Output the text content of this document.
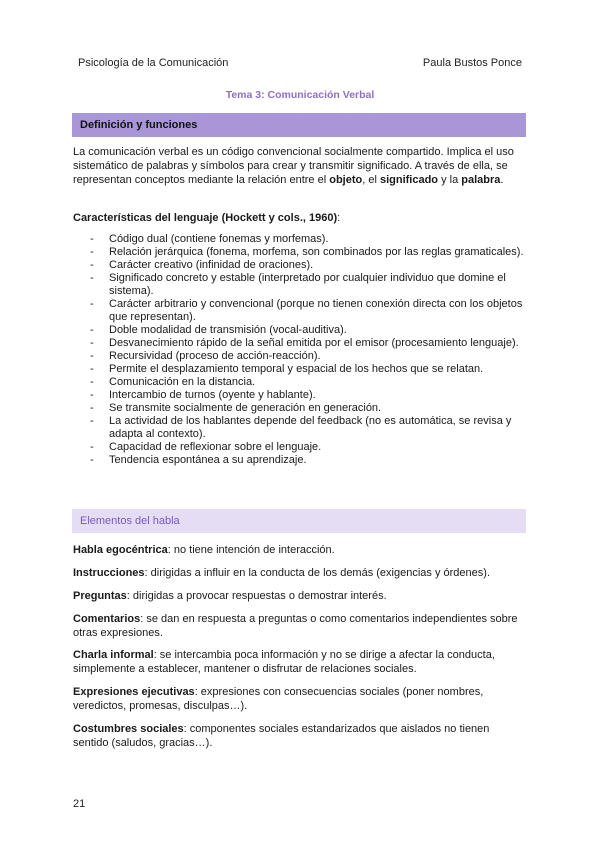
Psicología de la Comunicación	Paula Bustos Ponce
Tema 3: Comunicación Verbal
Definición y funciones

La comunicación verbal es un código convencional socialmente compartido. Implica el uso sistemático de palabras y símbolos para crear y transmitir significado. A través de ella, se representan conceptos mediante la relación entre el objeto, el significado y la palabra.

Características del lenguaje (Hockett y cols., 1960):

- Código dual (contiene fonemas y morfemas).
- Relación jerárquica (fonema, morfema, son combinados por las reglas gramaticales).
- Carácter creativo (infinidad de oraciones).
- Significado concreto y estable (interpretado por cualquier individuo que domine el sistema).
- Carácter arbitrario y convencional (porque no tienen conexión directa con los objetos que representan).
- Doble modalidad de transmisión (vocal-auditiva).
- Desvanecimiento rápido de la señal emitida por el emisor (procesamiento lenguaje).
- Recursividad (proceso de acción-reacción).
- Permite el desplazamiento temporal y espacial de los hechos que se relatan.
- Comunicación en la distancia.
- Intercambio de turnos (oyente y hablante).
- Se transmite socialmente de generación en generación.
- La actividad de los hablantes depende del feedback (no es automática, se revisa y adapta al contexto).
- Capacidad de reflexionar sobre el lenguaje.
- Tendencia espontánea a su aprendizaje.
Elementos del habla

Habla egocéntrica: no tiene intención de interacción.

Instrucciones: dirigidas a influir en la conducta de los demás (exigencias y órdenes).

Preguntas: dirigidas a provocar respuestas o demostrar interés.

Comentarios: se dan en respuesta a preguntas o como comentarios independientes sobre otras expresiones.

Charla informal: se intercambia poca información y no se dirige a afectar la conducta, simplemente a establecer, mantener o disfrutar de relaciones sociales.

Expresiones ejecutivas: expresiones con consecuencias sociales (poner nombres, veredictos, promesas, disculpas…).

Costumbres sociales: componentes sociales estandarizados que aislados no tienen sentido (saludos, gracias…).

21
